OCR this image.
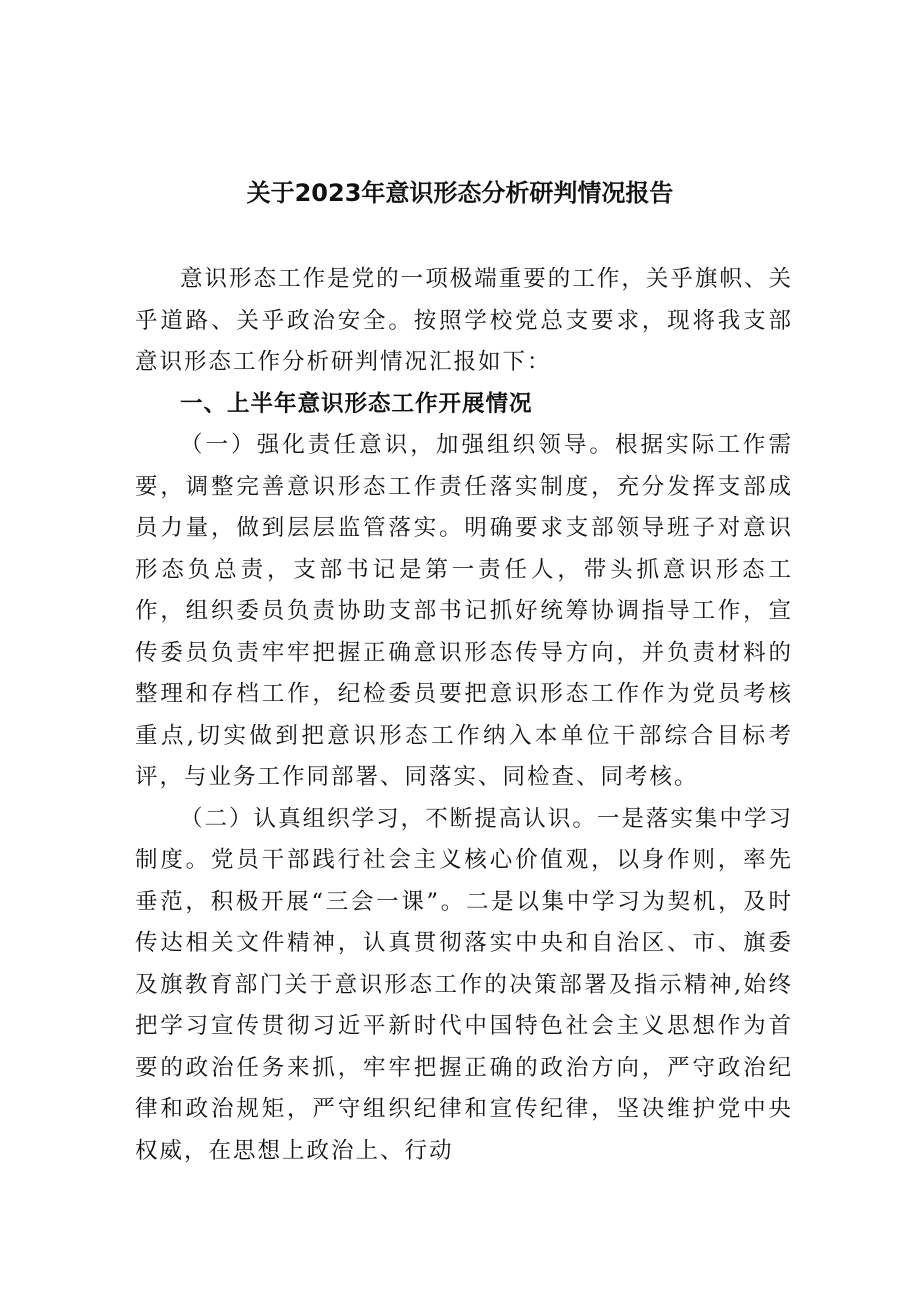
关于2023年意识形态分析研判情况报告

意识形态工作是党的一项极端重要的工作，关乎旗帜、关乎道路、关乎政治安全。按照学校党总支要求，现将我支部意识形态工作分析研判情况汇报如下：

一、上半年意识形态工作开展情况

（一）强化责任意识，加强组织领导。根据实际工作需要，调整完善意识形态工作责任落实制度，充分发挥支部成员力量，做到层层监管落实。明确要求支部领导班子对意识形态负总责，支部书记是第一责任人，带头抓意识形态工作，组织委员负责协助支部书记抓好统筹协调指导工作，宣传委员负责牢牢把握正确意识形态传导方向，并负责材料的整理和存档工作，纪检委员要把意识形态工作作为党员考核重点,切实做到把意识形态工作纳入本单位干部综合目标考评，与业务工作同部署、同落实、同检查、同考核。

（二）认真组织学习，不断提高认识。一是落实集中学习制度。党员干部践行社会主义核心价值观，以身作则，率先垂范，积极开展“三会一课”。二是以集中学习为契机，及时传达相关文件精神，认真贯彻落实中央和自治区、市、旗委及旗教育部门关于意识形态工作的决策部署及指示精神,始终把学习宣传贯彻习近平新时代中国特色社会主义思想作为首要的政治任务来抓，牢牢把握正确的政治方向，严守政治纪律和政治规矩，严守组织纪律和宣传纪律，坚决维护党中央权威，在思想上政治上、行动
